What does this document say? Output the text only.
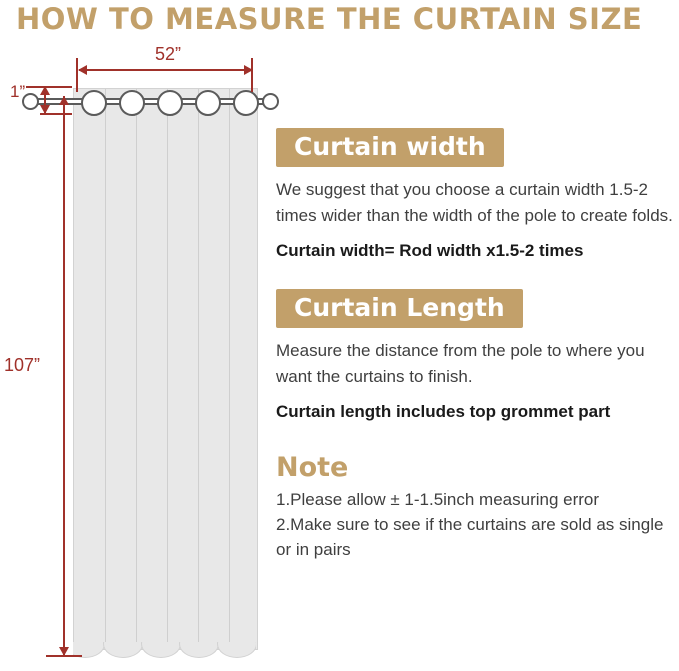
HOW TO MEASURE THE CURTAIN SIZE
52”
1”
107”
Curtain width
We suggest that you choose a curtain width 1.5-2 times wider than the width of the pole to create folds.
Curtain width= Rod width x1.5-2 times
Curtain Length
Measure the distance from the pole to where you want the curtains to finish.
Curtain length includes top grommet part
Note
1.Please allow ± 1-1.5inch measuring error
2.Make sure to see if the curtains are sold as single or in pairs
